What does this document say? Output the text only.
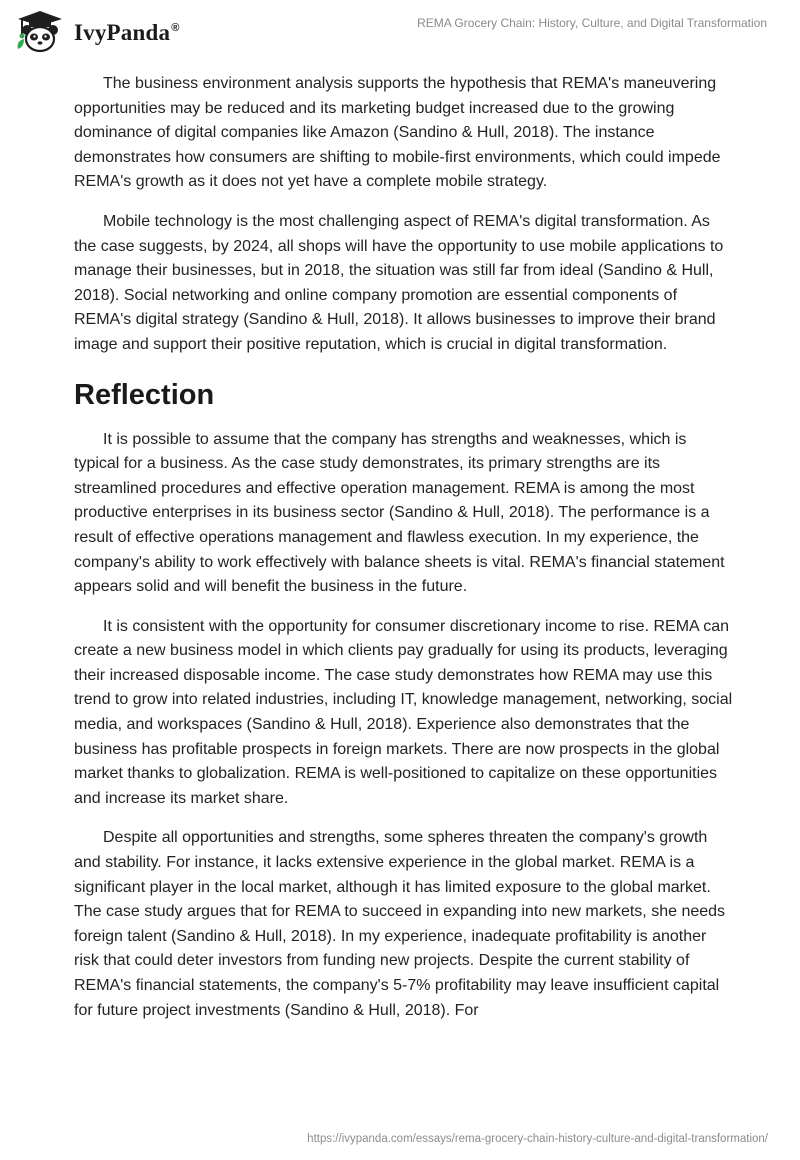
IvyPanda®	REMA Grocery Chain: History, Culture, and Digital Transformation

The business environment analysis supports the hypothesis that REMA's maneuvering opportunities may be reduced and its marketing budget increased due to the growing dominance of digital companies like Amazon (Sandino & Hull, 2018). The instance demonstrates how consumers are shifting to mobile-first environments, which could impede REMA's growth as it does not yet have a complete mobile strategy.

Mobile technology is the most challenging aspect of REMA's digital transformation. As the case suggests, by 2024, all shops will have the opportunity to use mobile applications to manage their businesses, but in 2018, the situation was still far from ideal (Sandino & Hull, 2018). Social networking and online company promotion are essential components of REMA's digital strategy (Sandino & Hull, 2018). It allows businesses to improve their brand image and support their positive reputation, which is crucial in digital transformation.

Reflection

It is possible to assume that the company has strengths and weaknesses, which is typical for a business. As the case study demonstrates, its primary strengths are its streamlined procedures and effective operation management. REMA is among the most productive enterprises in its business sector (Sandino & Hull, 2018). The performance is a result of effective operations management and flawless execution. In my experience, the company's ability to work effectively with balance sheets is vital. REMA's financial statement appears solid and will benefit the business in the future.

It is consistent with the opportunity for consumer discretionary income to rise. REMA can create a new business model in which clients pay gradually for using its products, leveraging their increased disposable income. The case study demonstrates how REMA may use this trend to grow into related industries, including IT, knowledge management, networking, social media, and workspaces (Sandino & Hull, 2018). Experience also demonstrates that the business has profitable prospects in foreign markets. There are now prospects in the global market thanks to globalization. REMA is well-positioned to capitalize on these opportunities and increase its market share.

Despite all opportunities and strengths, some spheres threaten the company's growth and stability. For instance, it lacks extensive experience in the global market. REMA is a significant player in the local market, although it has limited exposure to the global market. The case study argues that for REMA to succeed in expanding into new markets, she needs foreign talent (Sandino & Hull, 2018). In my experience, inadequate profitability is another risk that could deter investors from funding new projects. Despite the current stability of REMA's financial statements, the company's 5-7% profitability may leave insufficient capital for future project investments (Sandino & Hull, 2018). For

https://ivypanda.com/essays/rema-grocery-chain-history-culture-and-digital-transformation/
